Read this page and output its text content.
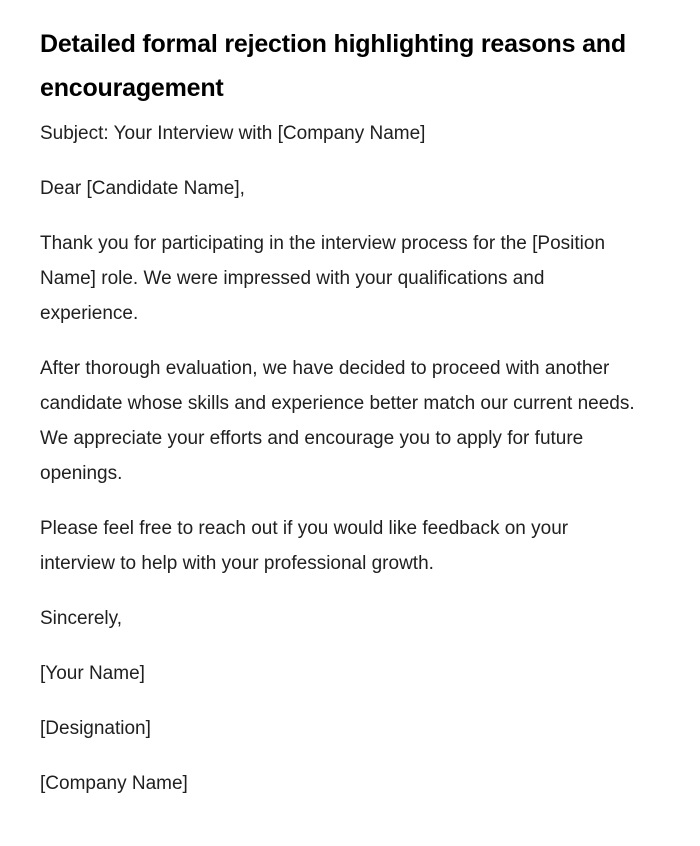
Detailed formal rejection highlighting reasons and encouragement

Subject: Your Interview with [Company Name]

Dear [Candidate Name],

Thank you for participating in the interview process for the [Position Name] role. We were impressed with your qualifications and experience.

After thorough evaluation, we have decided to proceed with another candidate whose skills and experience better match our current needs. We appreciate your efforts and encourage you to apply for future openings.

Please feel free to reach out if you would like feedback on your interview to help with your professional growth.

Sincerely,

[Your Name]

[Designation]

[Company Name]
